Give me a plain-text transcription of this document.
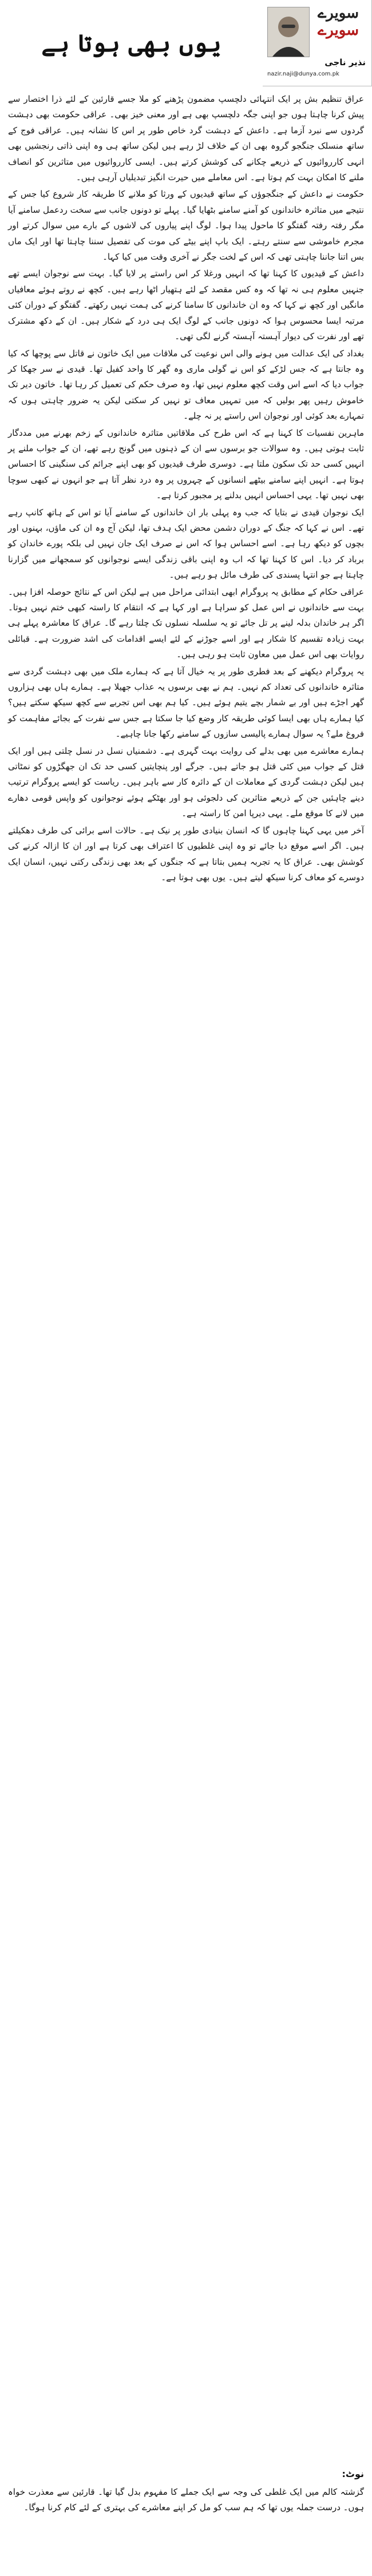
سویرے
سویرے
نذیر ناجی
nazir.naji@dunya.com.pk
یوں بھی ہوتا ہے

عراق تنظیم بش پر ایک انتہائی دلچسپ مضمون پڑھنے کو ملا جسے قارئین کے لئے ذرا اختصار سے پیش کرنا چاہتا ہوں جو اپنی جگہ دلچسپ بھی ہے اور معنی خیز بھی۔ عراقی حکومت بھی دہشت گردوں سے نبرد آزما ہے۔ داعش کے دہشت گرد خاص طور پر اس کا نشانہ ہیں۔ عراقی فوج کے ساتھ منسلک جنگجو گروہ بھی ان کے خلاف لڑ رہے ہیں لیکن ساتھ ہی وہ اپنی ذاتی رنجشیں بھی انہی کارروائیوں کے ذریعے چکانے کی کوشش کرتے ہیں۔ ایسی کارروائیوں میں متاثرین کو انصاف ملنے کا امکان بہت کم ہوتا ہے۔ اس معاملے میں حیرت انگیز تبدیلیاں آرہی ہیں۔

حکومت نے داعش کے جنگجوؤں کے ساتھ قیدیوں کے ورثا کو ملانے کا طریقہ کار شروع کیا جس کے نتیجے میں متاثرہ خاندانوں کو آمنے سامنے بٹھایا گیا۔ پہلے تو دونوں جانب سے سخت ردعمل سامنے آیا مگر رفتہ رفتہ گفتگو کا ماحول پیدا ہوا۔ لوگ اپنے پیاروں کی لاشوں کے بارے میں سوال کرتے اور مجرم خاموشی سے سنتے رہتے۔ ایک باپ اپنے بیٹے کی موت کی تفصیل سننا چاہتا تھا اور ایک ماں بس اتنا جاننا چاہتی تھی کہ اس کے لخت جگر نے آخری وقت میں کیا کہا۔

داعش کے قیدیوں کا کہنا تھا کہ انہیں ورغلا کر اس راستے پر لایا گیا۔ بہت سے نوجوان ایسے تھے جنہیں معلوم ہی نہ تھا کہ وہ کس مقصد کے لئے ہتھیار اٹھا رہے ہیں۔ کچھ نے روتے ہوئے معافیاں مانگیں اور کچھ نے کہا کہ وہ ان خاندانوں کا سامنا کرنے کی ہمت نہیں رکھتے۔ گفتگو کے دوران کئی مرتبہ ایسا محسوس ہوا کہ دونوں جانب کے لوگ ایک ہی درد کے شکار ہیں۔ ان کے دکھ مشترک تھے اور نفرت کی دیوار آہستہ آہستہ گرنے لگی تھی۔

بغداد کی ایک عدالت میں ہونے والی اس نوعیت کی ملاقات میں ایک خاتون نے قاتل سے پوچھا کہ کیا وہ جانتا ہے کہ جس لڑکے کو اس نے گولی ماری وہ گھر کا واحد کفیل تھا۔ قیدی نے سر جھکا کر جواب دیا کہ اسے اس وقت کچھ معلوم نہیں تھا، وہ صرف حکم کی تعمیل کر رہا تھا۔ خاتون دیر تک خاموش رہیں پھر بولیں کہ میں تمہیں معاف تو نہیں کر سکتی لیکن یہ ضرور چاہتی ہوں کہ تمہارے بعد کوئی اور نوجوان اس راستے پر نہ چلے۔

ماہرین نفسیات کا کہنا ہے کہ اس طرح کی ملاقاتیں متاثرہ خاندانوں کے زخم بھرنے میں مددگار ثابت ہوتی ہیں۔ وہ سوالات جو برسوں سے ان کے ذہنوں میں گونج رہے تھے، ان کے جواب ملنے پر انہیں کسی حد تک سکون ملتا ہے۔ دوسری طرف قیدیوں کو بھی اپنے جرائم کی سنگینی کا احساس ہوتا ہے۔ انہیں اپنے سامنے بیٹھے انسانوں کے چہروں پر وہ درد نظر آتا ہے جو انہوں نے کبھی سوچا بھی نہیں تھا۔ یہی احساس انہیں بدلنے پر مجبور کرتا ہے۔

ایک نوجوان قیدی نے بتایا کہ جب وہ پہلی بار ان خاندانوں کے سامنے آیا تو اس کے ہاتھ کانپ رہے تھے۔ اس نے کہا کہ جنگ کے دوران دشمن محض ایک ہدف تھا، لیکن آج وہ ان کی ماؤں، بہنوں اور بچوں کو دیکھ رہا ہے۔ اسے احساس ہوا کہ اس نے صرف ایک جان نہیں لی بلکہ پورے خاندان کو برباد کر دیا۔ اس کا کہنا تھا کہ اب وہ اپنی باقی زندگی ایسے نوجوانوں کو سمجھانے میں گزارنا چاہتا ہے جو انتہا پسندی کی طرف مائل ہو رہے ہیں۔

عراقی حکام کے مطابق یہ پروگرام ابھی ابتدائی مراحل میں ہے لیکن اس کے نتائج حوصلہ افزا ہیں۔ بہت سے خاندانوں نے اس عمل کو سراہا ہے اور کہا ہے کہ انتقام کا راستہ کبھی ختم نہیں ہوتا۔ اگر ہر خاندان بدلہ لینے پر تل جائے تو یہ سلسلہ نسلوں تک چلتا رہے گا۔ عراق کا معاشرہ پہلے ہی بہت زیادہ تقسیم کا شکار ہے اور اسے جوڑنے کے لئے ایسے اقدامات کی اشد ضرورت ہے۔ قبائلی روایات بھی اس عمل میں معاون ثابت ہو رہی ہیں۔

یہ پروگرام دیکھنے کے بعد فطری طور پر یہ خیال آتا ہے کہ ہمارے ملک میں بھی دہشت گردی سے متاثرہ خاندانوں کی تعداد کم نہیں۔ ہم نے بھی برسوں یہ عذاب جھیلا ہے۔ ہمارے ہاں بھی ہزاروں گھر اجڑے ہیں اور بے شمار بچے یتیم ہوئے ہیں۔ کیا ہم بھی اس تجربے سے کچھ سیکھ سکتے ہیں؟ کیا ہمارے ہاں بھی ایسا کوئی طریقہ کار وضع کیا جا سکتا ہے جس سے نفرت کے بجائے مفاہمت کو فروغ ملے؟ یہ سوال ہمارے پالیسی سازوں کے سامنے رکھا جانا چاہیے۔

ہمارے معاشرے میں بھی بدلے کی روایت بہت گہری ہے۔ دشمنیاں نسل در نسل چلتی ہیں اور ایک قتل کے جواب میں کئی قتل ہو جاتے ہیں۔ جرگے اور پنچایتیں کسی حد تک ان جھگڑوں کو نمٹاتی ہیں لیکن دہشت گردی کے معاملات ان کے دائرہ کار سے باہر ہیں۔ ریاست کو ایسے پروگرام ترتیب دینے چاہئیں جن کے ذریعے متاثرین کی دلجوئی ہو اور بھٹکے ہوئے نوجوانوں کو واپس قومی دھارے میں لانے کا موقع ملے۔ یہی دیرپا امن کا راستہ ہے۔

آخر میں یہی کہنا چاہوں گا کہ انسان بنیادی طور پر نیک ہے۔ حالات اسے برائی کی طرف دھکیلتے ہیں۔ اگر اسے موقع دیا جائے تو وہ اپنی غلطیوں کا اعتراف بھی کرتا ہے اور ان کا ازالہ کرنے کی کوشش بھی۔ عراق کا یہ تجربہ ہمیں بتاتا ہے کہ جنگوں کے بعد بھی زندگی رکتی نہیں، انسان ایک دوسرے کو معاف کرنا سیکھ لیتے ہیں۔ یوں بھی ہوتا ہے۔

نوٹ:
گزشتہ کالم میں ایک غلطی کی وجہ سے ایک جملے کا مفہوم بدل گیا تھا۔ قارئین سے معذرت خواہ ہوں۔ درست جملہ یوں تھا کہ ہم سب کو مل کر اپنے معاشرے کی بہتری کے لئے کام کرنا ہوگا۔
